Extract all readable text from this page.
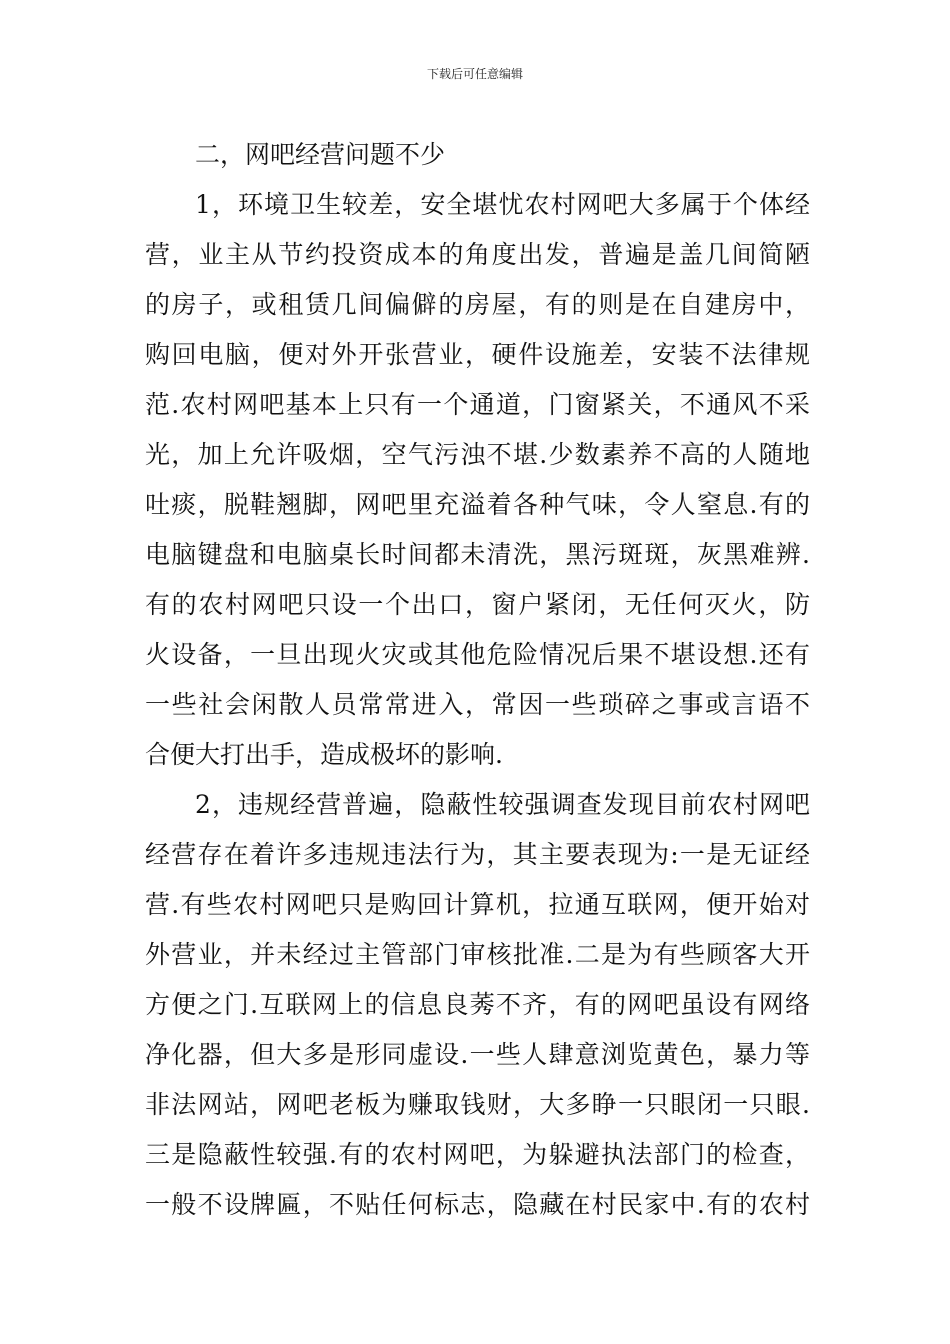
下载后可任意编辑
二，网吧经营问题不少
1，环境卫生较差，安全堪忧农村网吧大多属于个体经
营，业主从节约投资成本的角度出发，普遍是盖几间简陋
的房子，或租赁几间偏僻的房屋，有的则是在自建房中，
购回电脑，便对外开张营业，硬件设施差，安装不法律规
范.农村网吧基本上只有一个通道，门窗紧关，不通风不采
光，加上允许吸烟，空气污浊不堪.少数素养不高的人随地
吐痰，脱鞋翘脚，网吧里充溢着各种气味，令人窒息.有的
电脑键盘和电脑桌长时间都未清洗，黑污斑斑，灰黑难辨.
有的农村网吧只设一个出口，窗户紧闭，无任何灭火，防
火设备，一旦出现火灾或其他危险情况后果不堪设想.还有
一些社会闲散人员常常进入，常因一些琐碎之事或言语不
合便大打出手，造成极坏的影响.
2，违规经营普遍，隐蔽性较强调查发现目前农村网吧
经营存在着许多违规违法行为，其主要表现为:一是无证经
营.有些农村网吧只是购回计算机，拉通互联网，便开始对
外营业，并未经过主管部门审核批准.二是为有些顾客大开
方便之门.互联网上的信息良莠不齐，有的网吧虽设有网络
净化器，但大多是形同虚设.一些人肆意浏览黄色，暴力等
非法网站，网吧老板为赚取钱财，大多睁一只眼闭一只眼.
三是隐蔽性较强.有的农村网吧，为躲避执法部门的检查，
一般不设牌匾，不贴任何标志，隐藏在村民家中.有的农村
